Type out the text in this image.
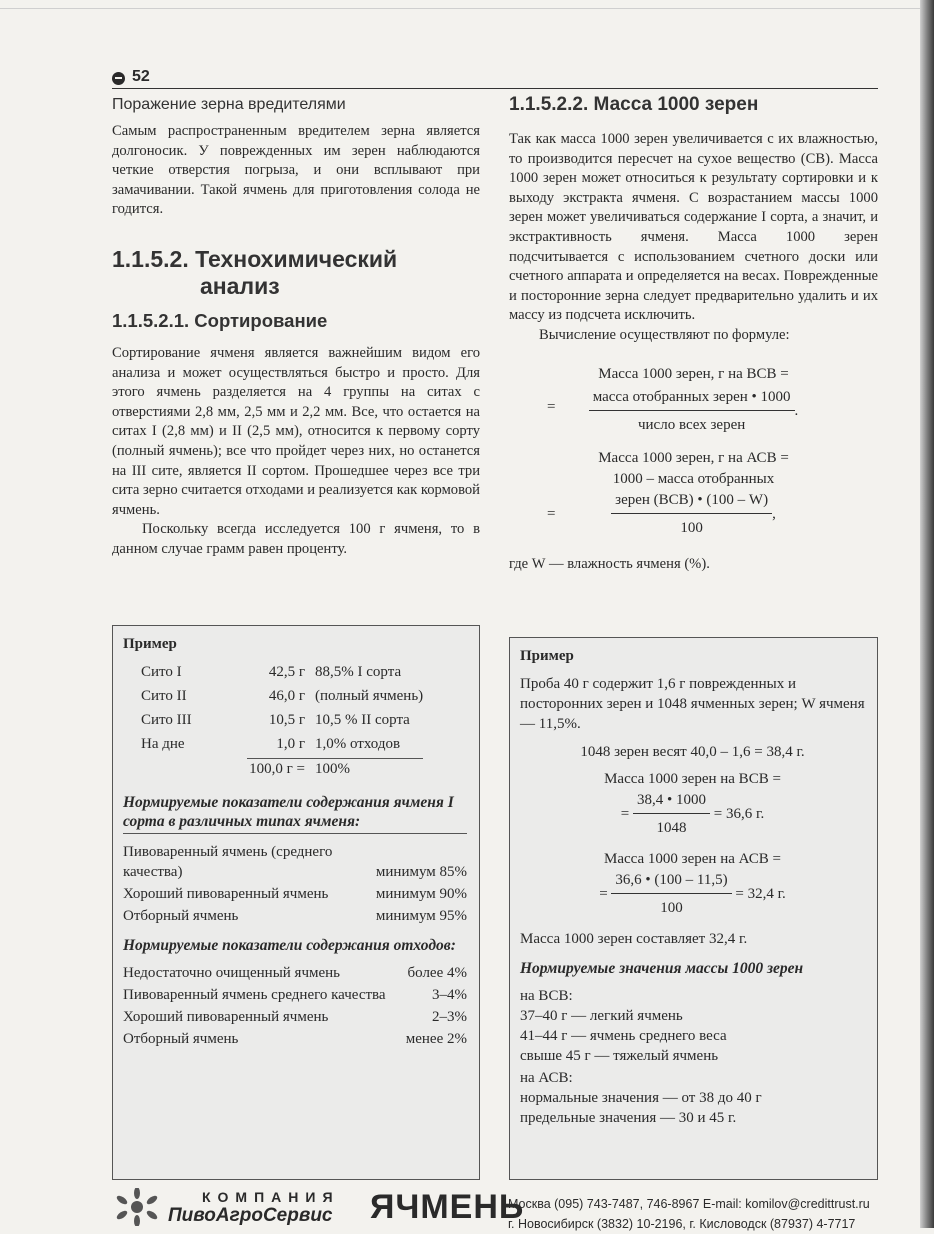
52
Поражение зерна вредителями

Самым распространенным вредителем зерна является долгоносик. У поврежденных им зерен наблюдаются четкие отверстия погрыза, и они всплывают при замачивании. Такой ячмень для приготовления солода не годится.

1.1.5.2. Технохимический
анализ
1.1.5.2.1. Сортирование

Сортирование ячменя является важнейшим видом его анализа и может осуществляться быстро и просто. Для этого ячмень разделяется на 4 группы на ситах с отверстиями 2,8 мм, 2,5 мм и 2,2 мм. Все, что остается на ситах I (2,8 мм) и II (2,5 мм), относится к первому сорту (полный ячмень); все что пройдет через них, но останется на III сите, является II сортом. Прошедшее через все три сита зерно считается отходами и реализуется как кормовой ячмень.

Поскольку всегда исследуется 100 г ячменя, то в данном случае грамм равен проценту.

Пример
Сито I	42,5 г	88,5% I сорта
Сито II	46,0 г	(полный ячмень)
Сито III	10,5 г	10,5 % II сорта
На дне	1,0 г	1,0% отходов
	100,0 г =	100%
Нормируемые показатели содержания ячменя I сорта в различных типах ячменя:
Пивоваренный ячмень (среднего качества)	минимум 85%
Хороший пивоваренный ячмень	минимум 90%
Отборный ячмень	минимум 95%
Нормируемые показатели содержания отходов:
Недостаточно очищенный ячмень	более 4%
Пивоваренный ячмень среднего качества	3–4%
Хороший пивоваренный ячмень	2–3%
Отборный ячмень	менее 2%
1.1.5.2.2. Масса 1000 зерен

Так как масса 1000 зерен увеличивается с их влажностью, то производится пересчет на сухое вещество (СВ). Масса 1000 зерен может относиться к результату сортировки и к выходу экстракта ячменя. С возрастанием массы 1000 зерен может увеличиваться содержание I сорта, а значит, и экстрактивность ячменя. Масса 1000 зерен подсчитывается с использованием счетного доски или счетного аппарата и определяется на весах. Поврежденные и посторонние зерна следует предварительно удалить и их массу из подсчета исключить.

Вычисление осуществляют по формуле:

Масса 1000 зерен, г на ВСВ =
= $\frac{\text{масса отобранных зерен • 1000}}{\text{число всех зерен}}$ .
Масса 1000 зерен, г на АСВ =
1000 – масса отобранных
=	$\frac{\text{зерен (ВСВ) • (100 – W)}}{100}$ ,

где W — влажность ячменя (%).

Пример

Проба 40 г содержит 1,6 г поврежденных и посторонних зерен и 1048 ячменных зерен; W ячменя — 11,5%.

1048 зерен весят 40,0 – 1,6 = 38,4 г.
Масса 1000 зерен на ВСВ =
= $\frac{38,4 • 1000}{1048} = 36,6$ г.
Масса 1000 зерен на АСВ =
= $\frac{36,6 • (100 - 11,5)}{100} = 32,4$ г.
Масса 1000 зерен составляет 32,4 г.
Нормируемые значения массы 1000 зерен
на ВСВ:
37–40 г — легкий ячмень
41–44 г — ячмень среднего веса
свыше 45 г — тяжелый ячмень
на АСВ:
нормальные значения — от 38 до 40 г
предельные значения — 30 и 45 г.
КОМПАНИЯ
ПивоАгроСервис ЯЧМЕНЬ
Москва (095) 743-7487, 746-8967 E-mail: komilov@credittrust.ru
г. Новосибирск (3832) 10-2196, г. Кисловодск (87937) 4-7717
